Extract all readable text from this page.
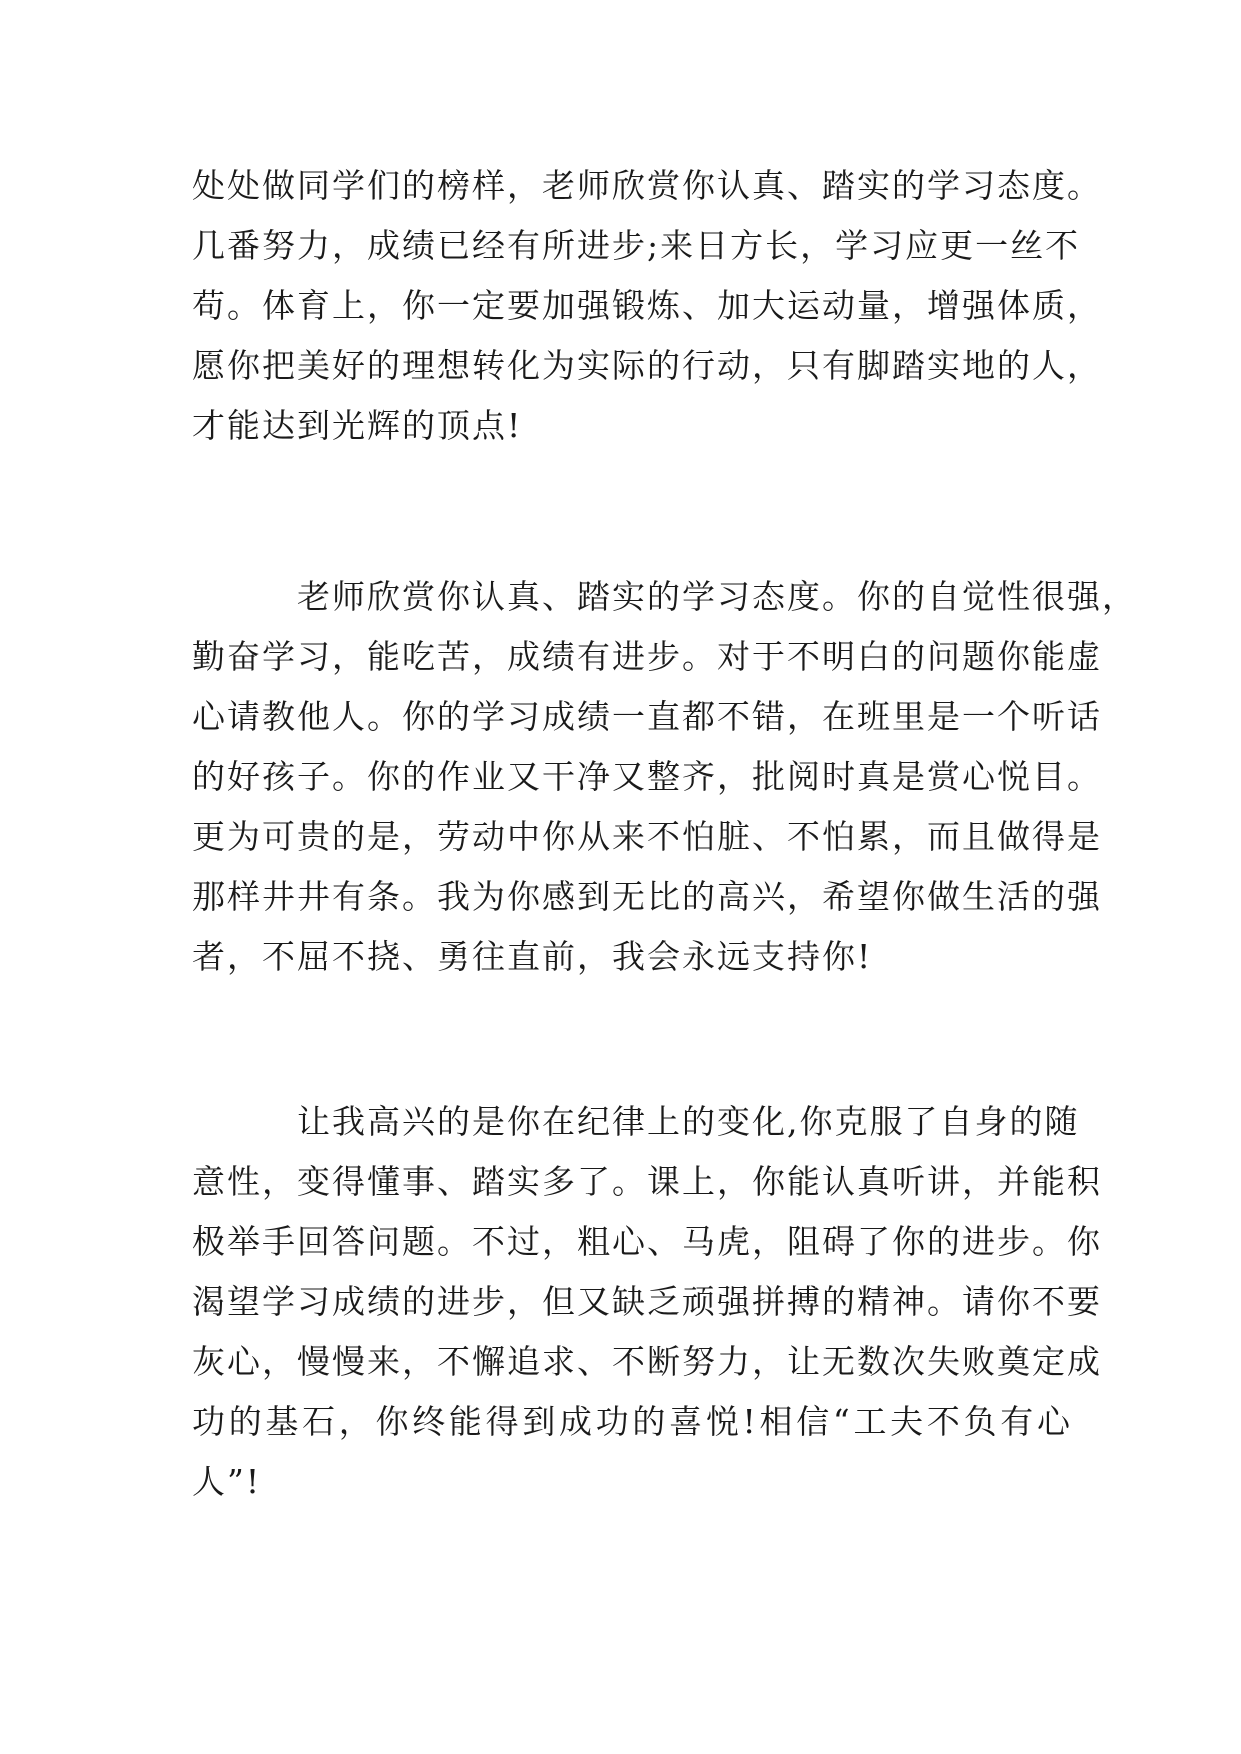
处处做同学们的榜样，老师欣赏你认真、踏实的学习态度。
几番努力，成绩已经有所进步;来日方长，学习应更一丝不
苟。体育上，你一定要加强锻炼、加大运动量，增强体质，
愿你把美好的理想转化为实际的行动，只有脚踏实地的人，
才能达到光辉的顶点!
老师欣赏你认真、踏实的学习态度。你的自觉性很强，
勤奋学习，能吃苦，成绩有进步。对于不明白的问题你能虚
心请教他人。你的学习成绩一直都不错，在班里是一个听话
的好孩子。你的作业又干净又整齐，批阅时真是赏心悦目。
更为可贵的是，劳动中你从来不怕脏、不怕累，而且做得是
那样井井有条。我为你感到无比的高兴，希望你做生活的强
者，不屈不挠、勇往直前，我会永远支持你!
让我高兴的是你在纪律上的变化,你克服了自身的随
意性，变得懂事、踏实多了。课上，你能认真听讲，并能积
极举手回答问题。不过，粗心、马虎，阻碍了你的进步。你
渴望学习成绩的进步，但又缺乏顽强拼搏的精神。请你不要
灰心，慢慢来，不懈追求、不断努力，让无数次失败奠定成
功的基石，你终能得到成功的喜悦!相信“工夫不负有心
人”!
